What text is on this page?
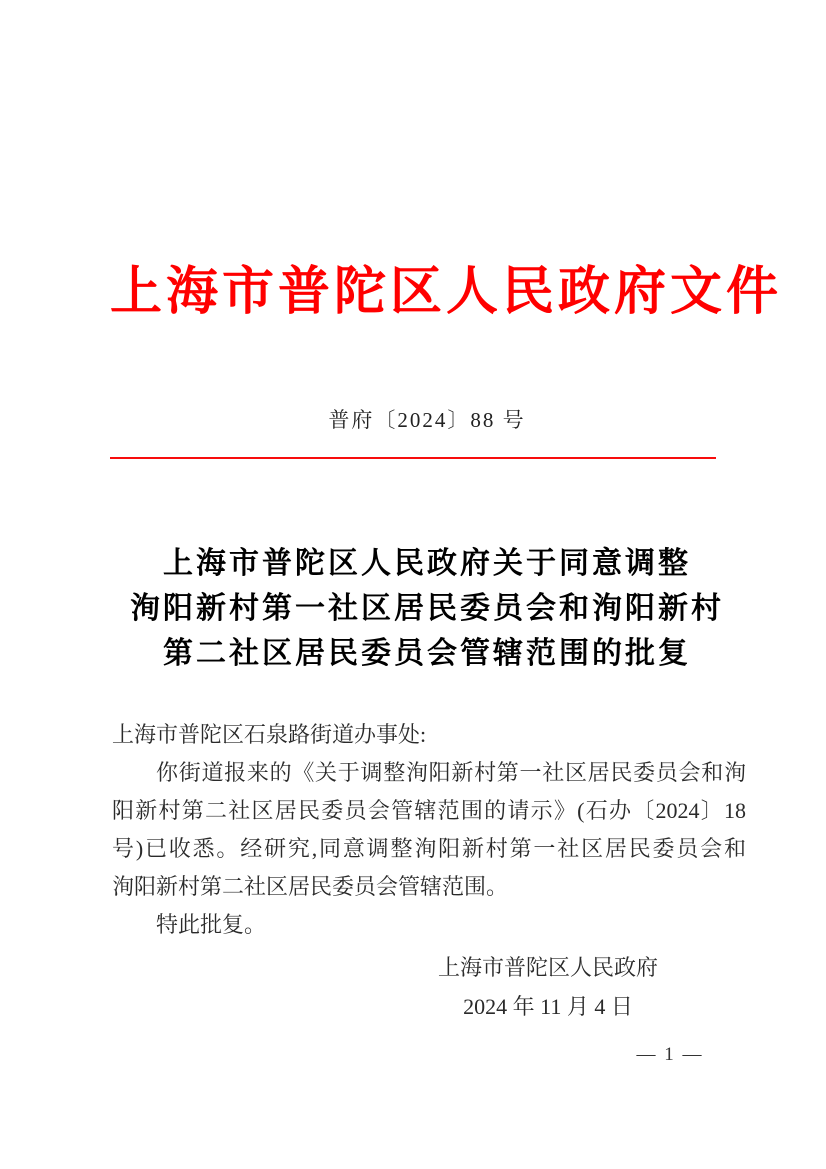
上海市普陀区人民政府文件
普府〔2024〕88 号
上海市普陀区人民政府关于同意调整
洵阳新村第一社区居民委员会和洵阳新村
第二社区居民委员会管辖范围的批复
上海市普陀区石泉路街道办事处:
你街道报来的《关于调整洵阳新村第一社区居民委员会和洵
阳新村第二社区居民委员会管辖范围的请示》(石办〔2024〕18
号)已收悉。经研究,同意调整洵阳新村第一社区居民委员会和
洵阳新村第二社区居民委员会管辖范围。
特此批复。
上海市普陀区人民政府
2024 年 11 月 4 日
— 1 —
